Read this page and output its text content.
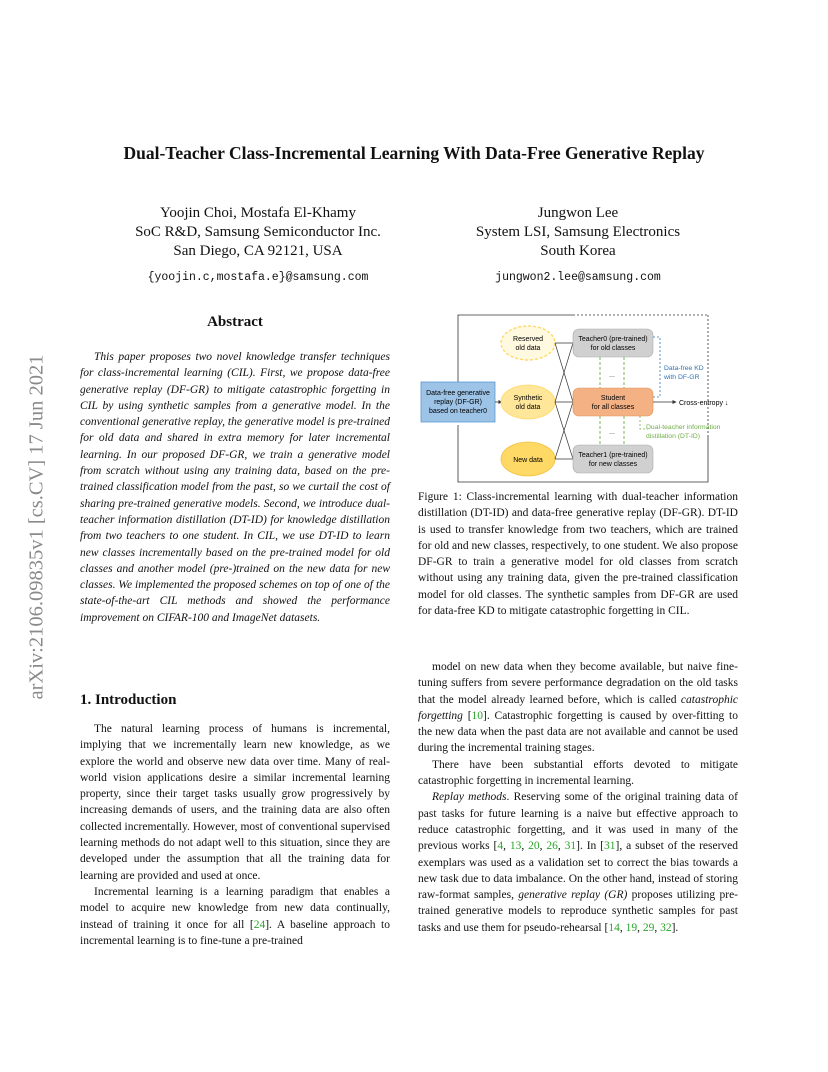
Dual-Teacher Class-Incremental Learning With Data-Free Generative Replay
Yoojin Choi, Mostafa El-Khamy
SoC R&D, Samsung Semiconductor Inc.
San Diego, CA 92121, USA
{yoojin.c,mostafa.e}@samsung.com
Jungwon Lee
System LSI, Samsung Electronics
South Korea
jungwon2.lee@samsung.com
arXiv:2106.09835v1 [cs.CV] 17 Jun 2021
Abstract
This paper proposes two novel knowledge transfer techniques for class-incremental learning (CIL). First, we propose data-free generative replay (DF-GR) to mitigate catastrophic forgetting in CIL by using synthetic samples from a generative model. In the conventional generative replay, the generative model is pre-trained for old data and shared in extra memory for later incremental learning. In our proposed DF-GR, we train a generative model from scratch without using any training data, based on the pre-trained classification model from the past, so we curtail the cost of sharing pre-trained generative models. Second, we introduce dual-teacher information distillation (DT-ID) for knowledge distillation from two teachers to one student. In CIL, we use DT-ID to learn new classes incrementally based on the pre-trained model for old classes and another model (pre-)trained on the new data for new classes. We implemented the proposed schemes on top of one of the state-of-the-art CIL methods and showed the performance improvement on CIFAR-100 and ImageNet datasets.
1. Introduction

The natural learning process of humans is incremental, implying that we incrementally learn new knowledge, as we explore the world and observe new data over time. Many of real-world vision applications desire a similar incremental learning property, since their target tasks usually grow progressively by increasing demands of users, and the training data are also often collected incrementally. However, most of conventional supervised learning methods do not adapt well to this situation, since they are developed under the assumption that all the training data for learning are provided and used at once.

Incremental learning is a learning paradigm that enables a model to acquire new knowledge from new data continually, instead of training it once for all [24]. A baseline approach to incremental learning is to fine-tune a pre-trained

Data-free generative
replay (DF-GR)
based on teacher0
Reserved
old data
Synthetic
old data
New data
Teacher0 (pre-trained)
for old classes
Student
for all classes
Teacher1 (pre-trained)
for new classes
...
...
Data-free KD
with DF-GR
Dual-teacher information
distillation (DT-ID)
Cross-entropy ↓
Figure 1: Class-incremental learning with dual-teacher information distillation (DT-ID) and data-free generative replay (DF-GR). DT-ID is used to transfer knowledge from two teachers, which are trained for old and new classes, respectively, to one student. We also propose DF-GR to train a generative model for old classes from scratch without using any training data, given the pre-trained classification model for old classes. The synthetic samples from DF-GR are used for data-free KD to mitigate catastrophic forgetting in CIL.

model on new data when they become available, but naive fine-tuning suffers from severe performance degradation on the old tasks that the model already learned before, which is called catastrophic forgetting [10]. Catastrophic forgetting is caused by over-fitting to the new data when the past data are not available and cannot be used during the incremental training stages.

There have been substantial efforts devoted to mitigate catastrophic forgetting in incremental learning.

Replay methods. Reserving some of the original training data of past tasks for future learning is a naive but effective approach to reduce catastrophic forgetting, and it was used in many of the previous works [4, 13, 20, 26, 31]. In [31], a subset of the reserved exemplars was used as a validation set to correct the bias towards a new task due to data imbalance. On the other hand, instead of storing raw-format samples, generative replay (GR) proposes utilizing pre-trained generative models to reproduce synthetic samples for past tasks and use them for pseudo-rehearsal [14, 19, 29, 32].
